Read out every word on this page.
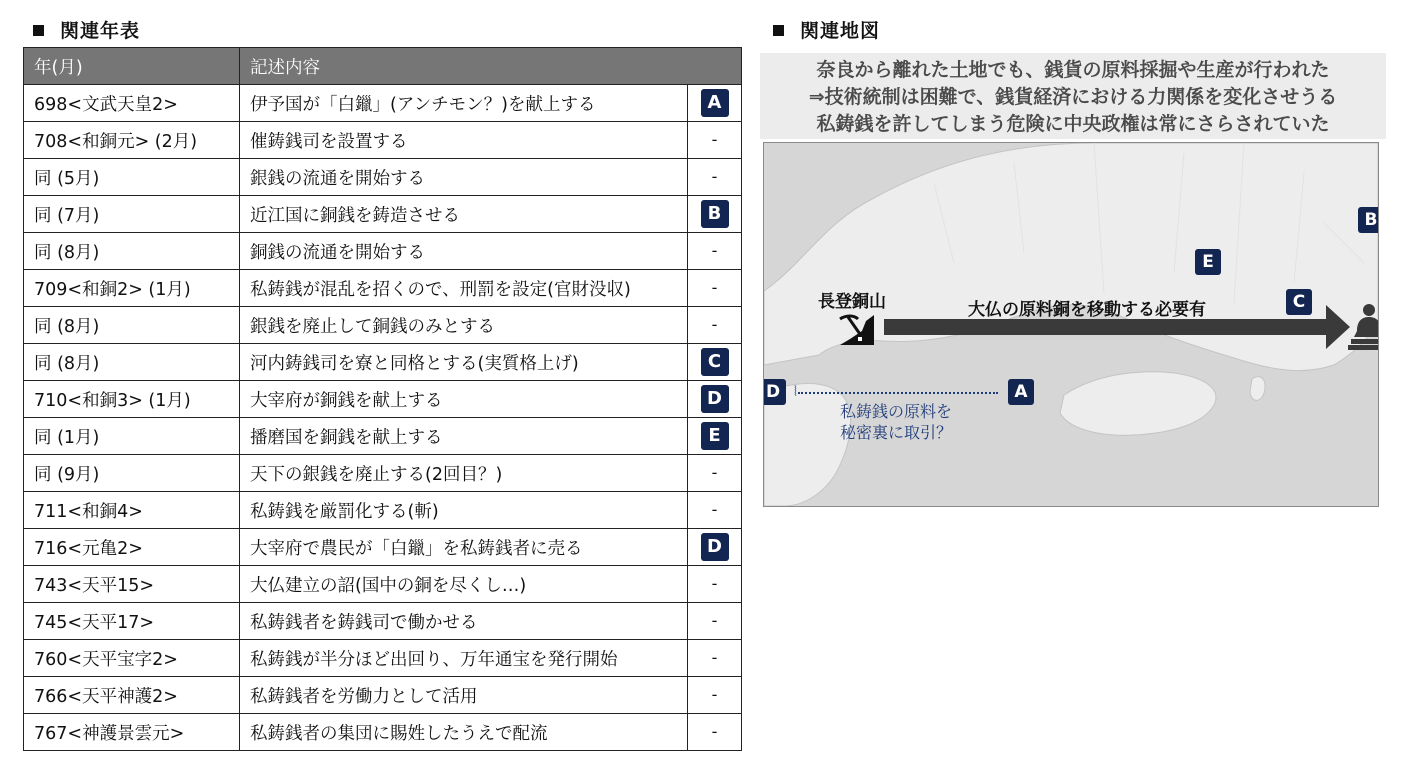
関連年表
年(月)	記述内容	
698<文武天皇2>	伊予国が「白鑞」(アンチモン？)を献上する	A
708<和銅元> (2月)	催鋳銭司を設置する	-
同 (5月)	銀銭の流通を開始する	-
同 (7月)	近江国に銅銭を鋳造させる	B
同 (8月)	銅銭の流通を開始する	-
709<和銅2> (1月)	私鋳銭が混乱を招くので、刑罰を設定(官財没収)	-
同 (8月)	銀銭を廃止して銅銭のみとする	-
同 (8月)	河内鋳銭司を寮と同格とする(実質格上げ)	C
710<和銅3> (1月)	大宰府が銅銭を献上する	D
同 (1月)	播磨国を銅銭を献上する	E
同 (9月)	天下の銀銭を廃止する(2回目？)	-
711<和銅4>	私鋳銭を厳罰化する(斬)	-
716<元亀2>	大宰府で農民が「白鑞」を私鋳銭者に売る	D
743<天平15>	大仏建立の詔(国中の銅を尽くし…)	-
745<天平17>	私鋳銭者を鋳銭司で働かせる	-
760<天平宝字2>	私鋳銭が半分ほど出回り、万年通宝を発行開始	-
766<天平神護2>	私鋳銭者を労働力として活用	-
767<神護景雲元>	私鋳銭者の集団に賜姓したうえで配流	-
関連地図
奈良から離れた土地でも、銭貨の原料採掘や生産が行われた
⇒技術統制は困難で、銭貨経済における力関係を変化させうる
私鋳銭を許してしまう危険に中央政権は常にさらされていた
大仏の原料銅を移動する必要有
長登銅山
⦚
私鋳銭の原料を
秘密裏に取引？
B
E
C
A
D
